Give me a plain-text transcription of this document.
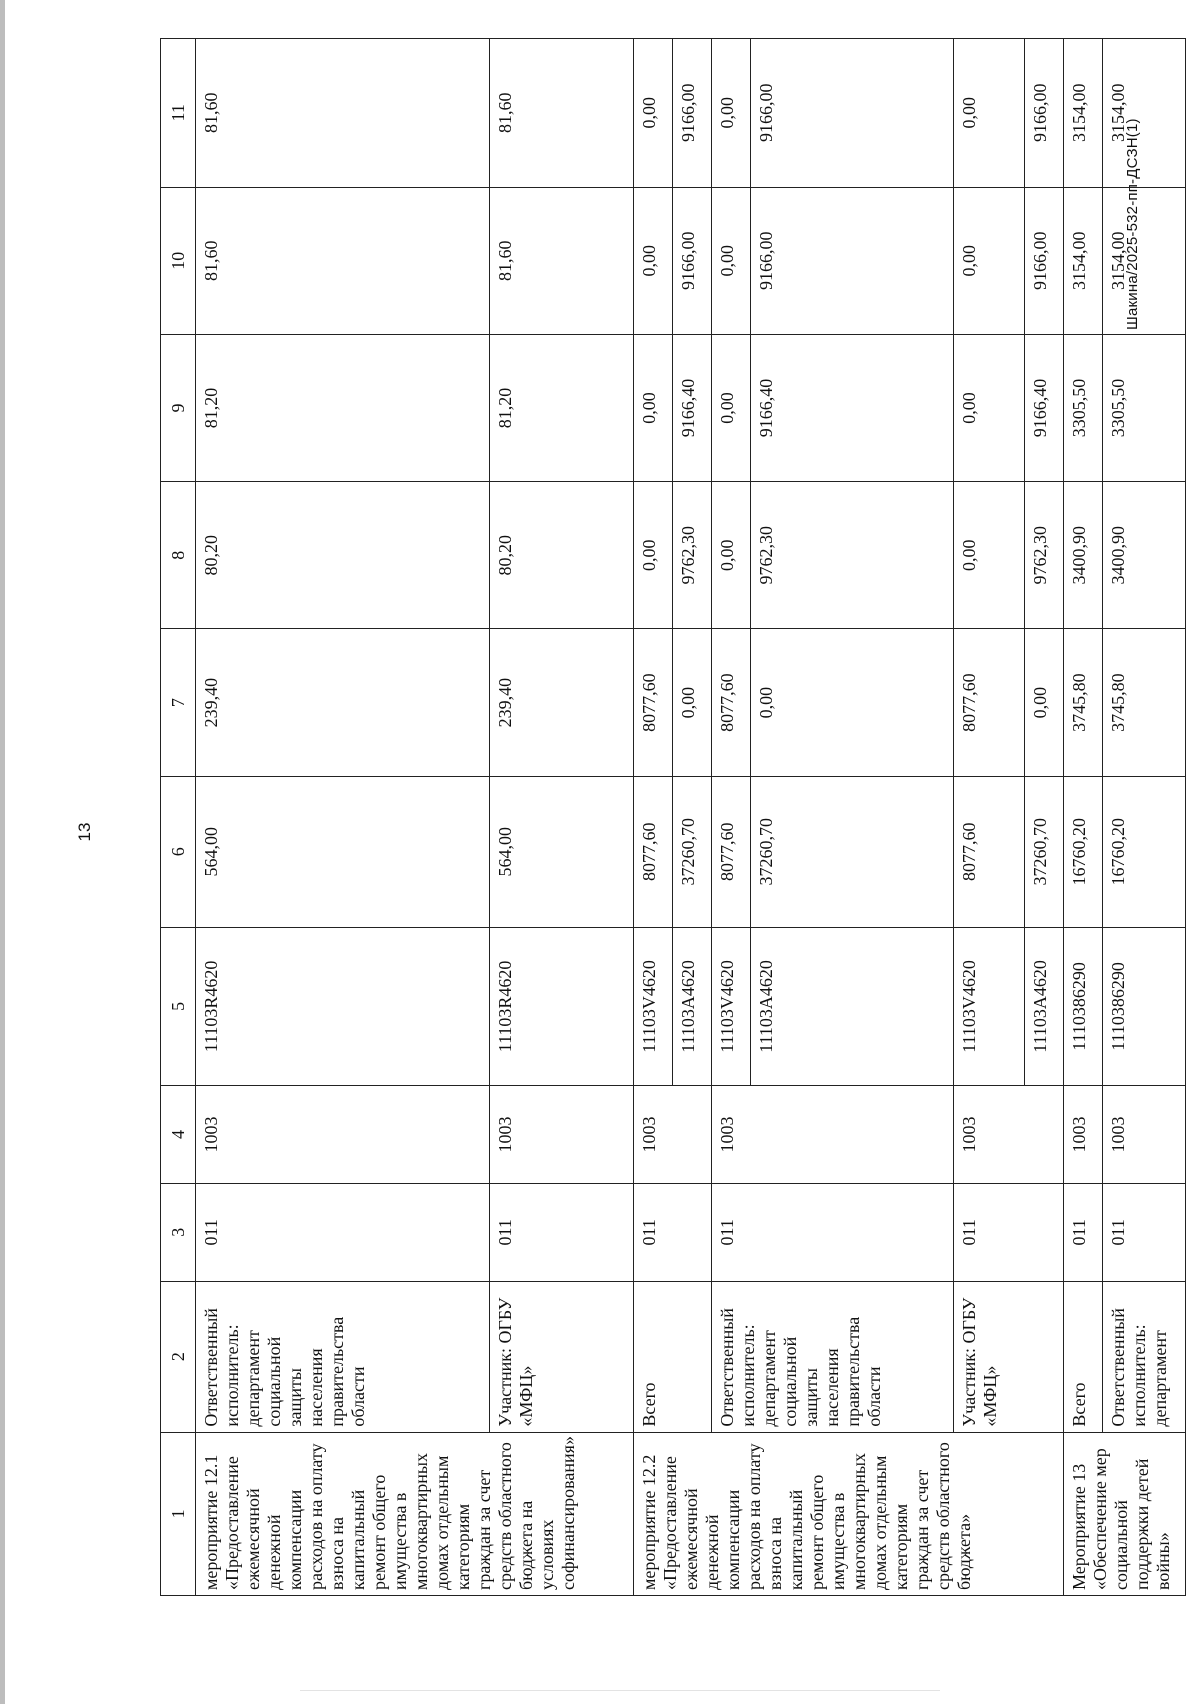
13
Шакина/2025-532-пп-ДСЗН(1)
1	2	3	4	5	6	7	8	9	10	11
мероприятие 12.1 «Предоставление ежемесячной денежной компенсации расходов на оплату взноса на капитальный ремонт общего имущества в многоквартирных домах отдельным категориям граждан за счет средств областного бюджета на условиях софинансирования»	Ответственный исполнитель: департамент социальной защиты населения правительства области	011	1003	11103R4620	564,00	239,40	80,20	81,20	81,60	81,60
	Участник: ОГБУ «МФЦ»	011	1003	11103R4620	564,00	239,40	80,20	81,20	81,60	81,60
мероприятие 12.2 «Предоставление ежемесячной денежной компенсации расходов на оплату взноса на капитальный ремонт общего имущества в многоквартирных домах отдельным категориям граждан за счет средств областного бюджета»	Всего	011	1003	11103V4620	8077,60	8077,60	0,00	0,00	0,00	0,00
				11103A4620	37260,70	0,00	9762,30	9166,40	9166,00	9166,00
	Ответственный исполнитель: департамент социальной защиты населения правительства области	011	1003	11103V4620	8077,60	8077,60	0,00	0,00	0,00	0,00
				11103A4620	37260,70	0,00	9762,30	9166,40	9166,00	9166,00
	Участник: ОГБУ «МФЦ»	011	1003	11103V4620	8077,60	8077,60	0,00	0,00	0,00	0,00
				11103A4620	37260,70	0,00	9762,30	9166,40	9166,00	9166,00
Мероприятие 13 «Обеспечение мер социальной поддержки детей войны»	Всего	011	1003	1110386290	16760,20	3745,80	3400,90	3305,50	3154,00	3154,00
	Ответственный исполнитель: департамент	011	1003	1110386290	16760,20	3745,80	3400,90	3305,50	3154,00	3154,00
